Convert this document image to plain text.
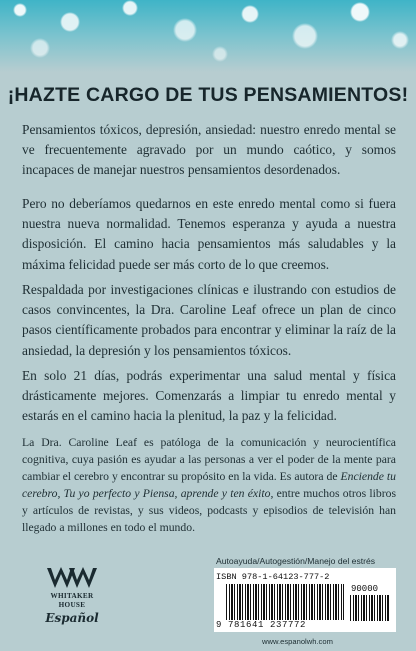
¡HAZTE CARGO DE TUS PENSAMIENTOS!
Pensamientos tóxicos, depresión, ansiedad: nuestro enredo mental se ve frecuentemente agravado por un mundo caótico, y somos incapaces de manejar nuestros pensamientos desordenados.
Pero no deberíamos quedarnos en este enredo mental como si fuera nuestra nueva normalidad. Tenemos esperanza y ayuda a nuestra disposición. El camino hacia pensamientos más saludables y la máxima felicidad puede ser más corto de lo que creemos.
Respaldada por investigaciones clínicas e ilustrando con estudios de casos convincentes, la Dra. Caroline Leaf ofrece un plan de cinco pasos científicamente probados para encontrar y eliminar la raíz de la ansiedad, la depresión y los pensamientos tóxicos.
En solo 21 días, podrás experimentar una salud mental y física drásticamente mejores. Comenzarás a limpiar tu enredo mental y estarás en el camino hacia la plenitud, la paz y la felicidad.
La Dra. Caroline Leaf es patóloga de la comunicación y neurocientífica cognitiva, cuya pasión es ayudar a las personas a ver el poder de la mente para cambiar el cerebro y encontrar su propósito en la vida. Es autora de Enciende tu cerebro, Tu yo perfecto y Piensa, aprende y ten éxito, entre muchos otros libros y artículos de revistas, y sus videos, podcasts y episodios de televisión han llegado a millones en todo el mundo.
WHITAKER
HOUSE
Español
Autoayuda/Autogestión/Manejo del estrés
ISBN 978-1-64123-777-2
90000
9 781641 237772
www.espanolwh.com
